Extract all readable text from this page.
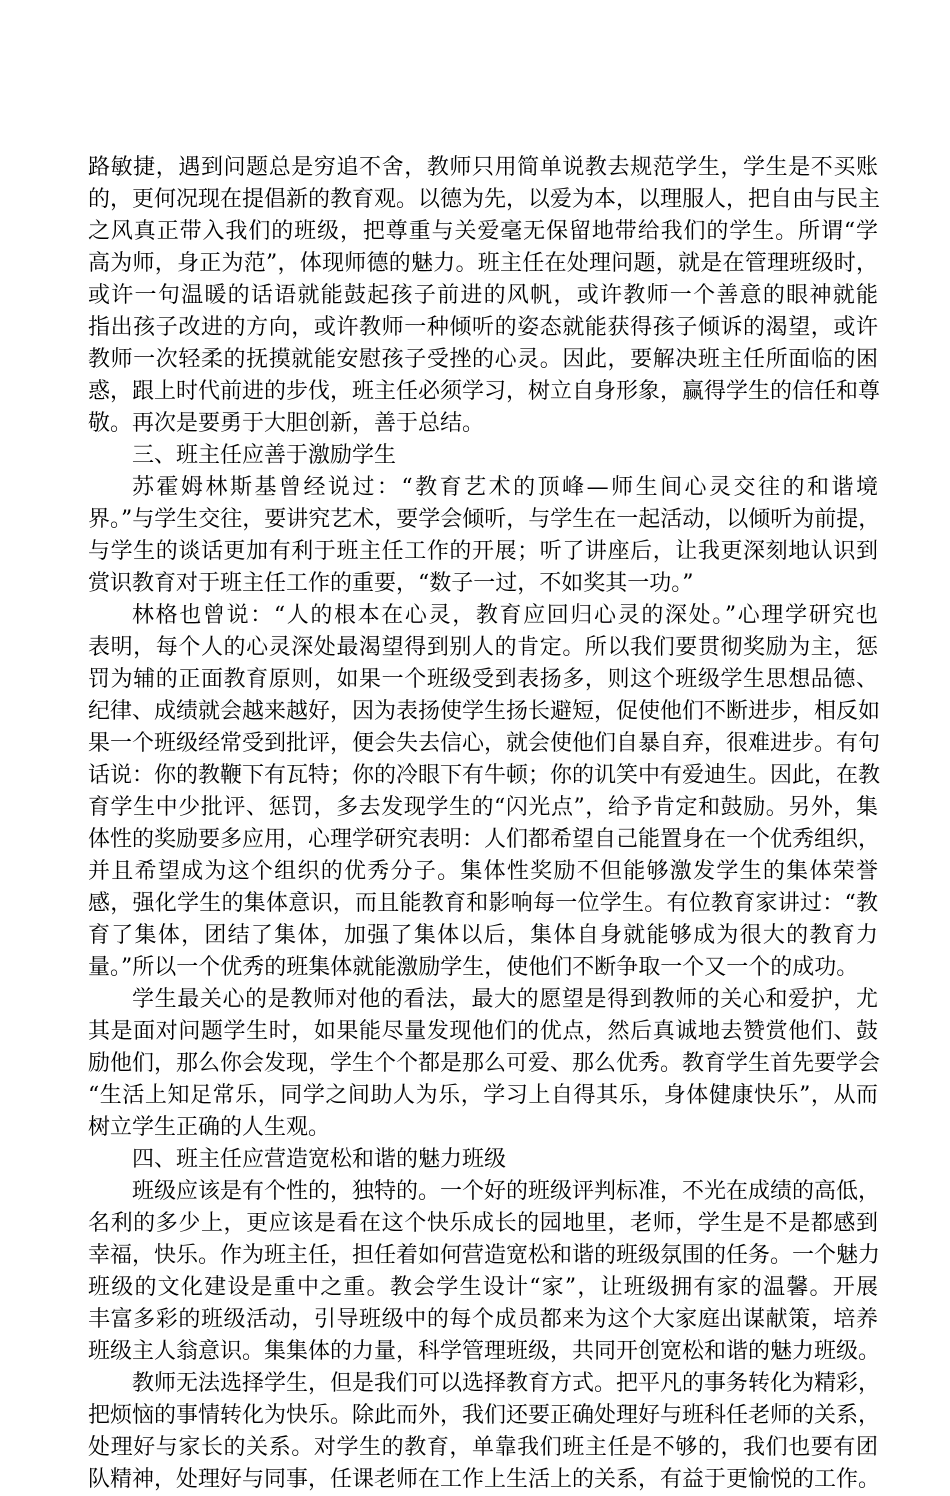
路敏捷，遇到问题总是穷追不舍，教师只用简单说教去规范学生，学生是不买账
的，更何况现在提倡新的教育观。以德为先，以爱为本，以理服人，把自由与民主
之风真正带入我们的班级，把尊重与关爱毫无保留地带给我们的学生。所谓“学
高为师，身正为范”，体现师德的魅力。班主任在处理问题，就是在管理班级时，
或许一句温暖的话语就能鼓起孩子前进的风帆，或许教师一个善意的眼神就能
指出孩子改进的方向，或许教师一种倾听的姿态就能获得孩子倾诉的渴望，或许
教师一次轻柔的抚摸就能安慰孩子受挫的心灵。因此，要解决班主任所面临的困
惑，跟上时代前进的步伐，班主任必须学习，树立自身形象，赢得学生的信任和尊
敬。再次是要勇于大胆创新，善于总结。
三、班主任应善于激励学生
苏霍姆林斯基曾经说过：“教育艺术的顶峰—师生间心灵交往的和谐境
界。”与学生交往，要讲究艺术，要学会倾听，与学生在一起活动，以倾听为前提，
与学生的谈话更加有利于班主任工作的开展；听了讲座后，让我更深刻地认识到
赏识教育对于班主任工作的重要，“数子一过，不如奖其一功。”
林格也曾说：“人的根本在心灵，教育应回归心灵的深处。”心理学研究也
表明，每个人的心灵深处最渴望得到别人的肯定。所以我们要贯彻奖励为主，惩
罚为辅的正面教育原则，如果一个班级受到表扬多，则这个班级学生思想品德、
纪律、成绩就会越来越好，因为表扬使学生扬长避短，促使他们不断进步，相反如
果一个班级经常受到批评，便会失去信心，就会使他们自暴自弃，很难进步。有句
话说：你的教鞭下有瓦特；你的冷眼下有牛顿；你的讥笑中有爱迪生。因此，在教
育学生中少批评、惩罚，多去发现学生的“闪光点”，给予肯定和鼓励。另外，集
体性的奖励要多应用，心理学研究表明：人们都希望自己能置身在一个优秀组织，
并且希望成为这个组织的优秀分子。集体性奖励不但能够激发学生的集体荣誉
感，强化学生的集体意识，而且能教育和影响每一位学生。有位教育家讲过：“教
育了集体，团结了集体，加强了集体以后，集体自身就能够成为很大的教育力
量。”所以一个优秀的班集体就能激励学生，使他们不断争取一个又一个的成功。
学生最关心的是教师对他的看法，最大的愿望是得到教师的关心和爱护，尤
其是面对问题学生时，如果能尽量发现他们的优点，然后真诚地去赞赏他们、鼓
励他们，那么你会发现，学生个个都是那么可爱、那么优秀。教育学生首先要学会
“生活上知足常乐，同学之间助人为乐，学习上自得其乐，身体健康快乐”，从而
树立学生正确的人生观。
四、班主任应营造宽松和谐的魅力班级
班级应该是有个性的，独特的。一个好的班级评判标准，不光在成绩的高低，
名利的多少上，更应该是看在这个快乐成长的园地里，老师，学生是不是都感到
幸福，快乐。作为班主任，担任着如何营造宽松和谐的班级氛围的任务。一个魅力
班级的文化建设是重中之重。教会学生设计“家”，让班级拥有家的温馨。开展
丰富多彩的班级活动，引导班级中的每个成员都来为这个大家庭出谋献策，培养
班级主人翁意识。集集体的力量，科学管理班级，共同开创宽松和谐的魅力班级。
教师无法选择学生，但是我们可以选择教育方式。把平凡的事务转化为精彩，
把烦恼的事情转化为快乐。除此而外，我们还要正确处理好与班科任老师的关系，
处理好与家长的关系。对学生的教育，单靠我们班主任是不够的，我们也要有团
队精神，处理好与同事，任课老师在工作上生活上的关系，有益于更愉悦的工作。
